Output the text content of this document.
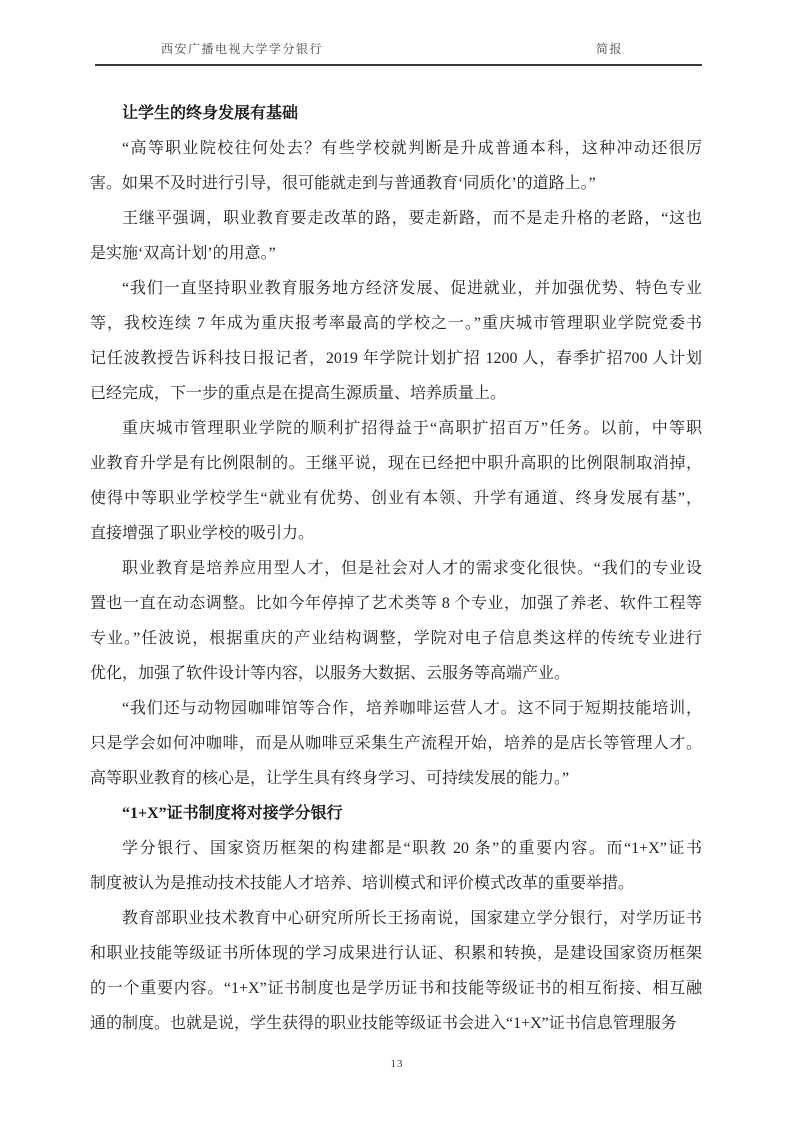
西安广播电视大学学分银行	简报
让学生的终身发展有基础
“高等职业院校往何处去？有些学校就判断是升成普通本科，这种冲动还很厉
害。如果不及时进行引导，很可能就走到与普通教育‘同质化’的道路上。”
王继平强调，职业教育要走改革的路，要走新路，而不是走升格的老路，“这也
是实施‘双高计划’的用意。”
“我们一直坚持职业教育服务地方经济发展、促进就业，并加强优势、特色专业
等，我校连续 7 年成为重庆报考率最高的学校之一。”重庆城市管理职业学院党委书
记任波教授告诉科技日报记者，2019 年学院计划扩招 1200 人，春季扩招700 人计划
已经完成，下一步的重点是在提高生源质量、培养质量上。
重庆城市管理职业学院的顺利扩招得益于“高职扩招百万”任务。以前，中等职
业教育升学是有比例限制的。王继平说，现在已经把中职升高职的比例限制取消掉，
使得中等职业学校学生“就业有优势、创业有本领、升学有通道、终身发展有基”，
直接增强了职业学校的吸引力。
职业教育是培养应用型人才，但是社会对人才的需求变化很快。“我们的专业设
置也一直在动态调整。比如今年停掉了艺术类等 8 个专业，加强了养老、软件工程等
专业。”任波说，根据重庆的产业结构调整，学院对电子信息类这样的传统专业进行
优化，加强了软件设计等内容，以服务大数据、云服务等高端产业。
“我们还与动物园咖啡馆等合作，培养咖啡运营人才。这不同于短期技能培训，
只是学会如何冲咖啡，而是从咖啡豆采集生产流程开始，培养的是店长等管理人才。
高等职业教育的核心是，让学生具有终身学习、可持续发展的能力。”
“1+X”证书制度将对接学分银行
学分银行、国家资历框架的构建都是“职教 20 条”的重要内容。而“1+X”证书
制度被认为是推动技术技能人才培养、培训模式和评价模式改革的重要举措。
教育部职业技术教育中心研究所所长王扬南说，国家建立学分银行，对学历证书
和职业技能等级证书所体现的学习成果进行认证、积累和转换，是建设国家资历框架
的一个重要内容。“1+X”证书制度也是学历证书和技能等级证书的相互衔接、相互融
通的制度。也就是说，学生获得的职业技能等级证书会进入“1+X”证书信息管理服务
13
